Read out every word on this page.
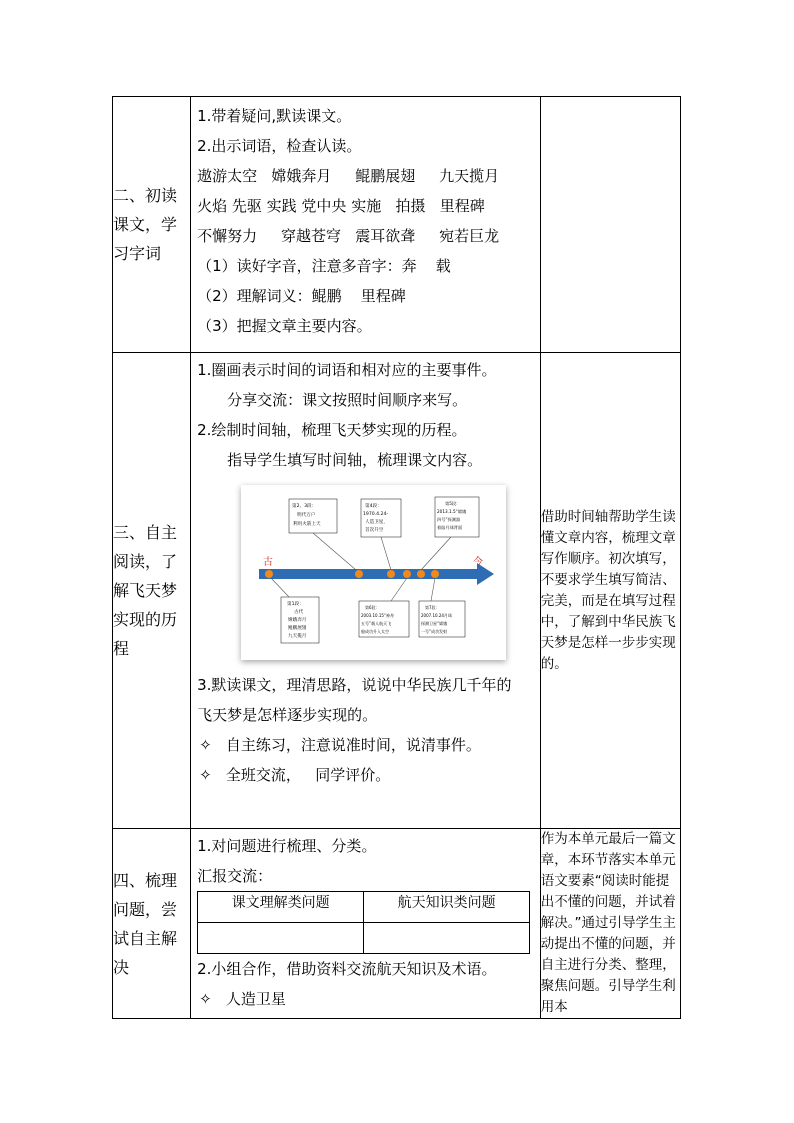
二、初读
课文，学
习字词

1.带着疑问,默读课文。
2.出示词语，检查认读。
遨游太空   嫦娥奔月     鲲鹏展翅     九天揽月
火焰 先驱 实践 党中央 实施   拍摄   里程碑
不懈努力     穿越苍穹   震耳欲聋     宛若巨龙
（1）读好字音，注意多音字：奔    载
（2）理解词义：鲲鹏    里程碑
（3）把握文章主要内容。

三、自主
阅读，了
解飞天梦
实现的历
程

1.圈画表示时间的词语和相对应的主要事件。
分享交流：课文按照时间顺序来写。
2.绘制时间轴，梳理飞天梦实现的历程。
指导学生填写时间轴，梳理课文内容。
古	今
第2、3段： 明代万户 利用火箭上天
第4段： 1970.4.24- 人造卫星， 首次升空
第5段： 2013.1.5“嫦娥 四号”探测器 着陆月球背面
第1段： 古代 嫦娥奔月 鲲鹏展翅 九天揽月
第6段： 2003.10.15“神舟 五号”载人航天飞 船成功升入太空
第7段： 2007.10.24月球 探测卫星“嫦娥 一号”成功发射
3.默读课文，理清思路，说说中华民族几千年的
飞天梦是怎样逐步实现的。
✧ 自主练习，注意说准时间，说清事件。
✧ 全班交流，   同学评价。
	借助时间轴帮助学生读懂文章内容，梳理文章写作顺序。初次填写，不要求学生填写简洁、完美，而是在填写过程中，了解到中华民族飞天梦是怎样一步步实现的。

四、梳理
问题，尝
试自主解
决

1.对问题进行梳理、分类。
汇报交流：
课文理解类问题	航天知识类问题

2.小组合作，借助资料交流航天知识及术语。
✧ 人造卫星
	作为本单元最后一篇文章，本环节落实本单元语文要素“阅读时能提出不懂的问题，并试着解决。”通过引导学生主动提出不懂的问题，并自主进行分类、整理，聚焦问题。引导学生利用本
